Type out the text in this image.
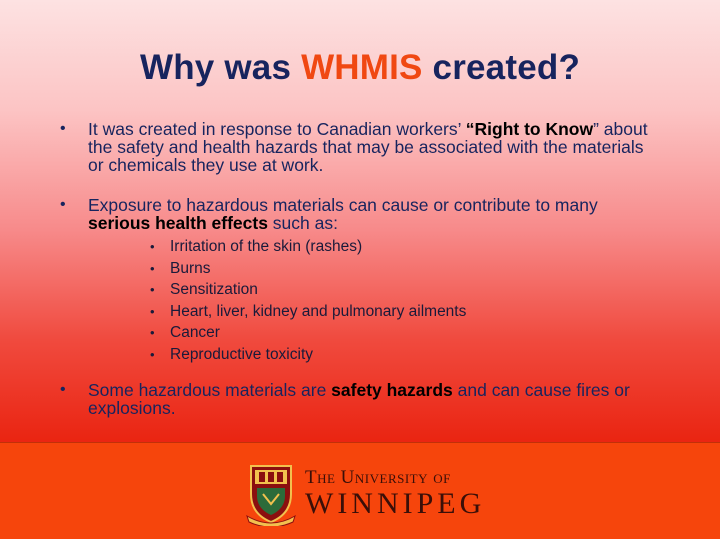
Why was WHMIS created?
• It was created in response to Canadian workers’ “Right to Know” about the safety and health hazards that may be associated with the materials or chemicals they use at work.
• Exposure to hazardous materials can cause or contribute to many serious health effects such as:
• Irritation of the skin (rashes)
• Burns
• Sensitization
• Heart, liver, kidney and pulmonary ailments
• Cancer
• Reproductive toxicity
• Some hazardous materials are safety hazards and can cause fires or explosions.
The University of
WINNIPEG
